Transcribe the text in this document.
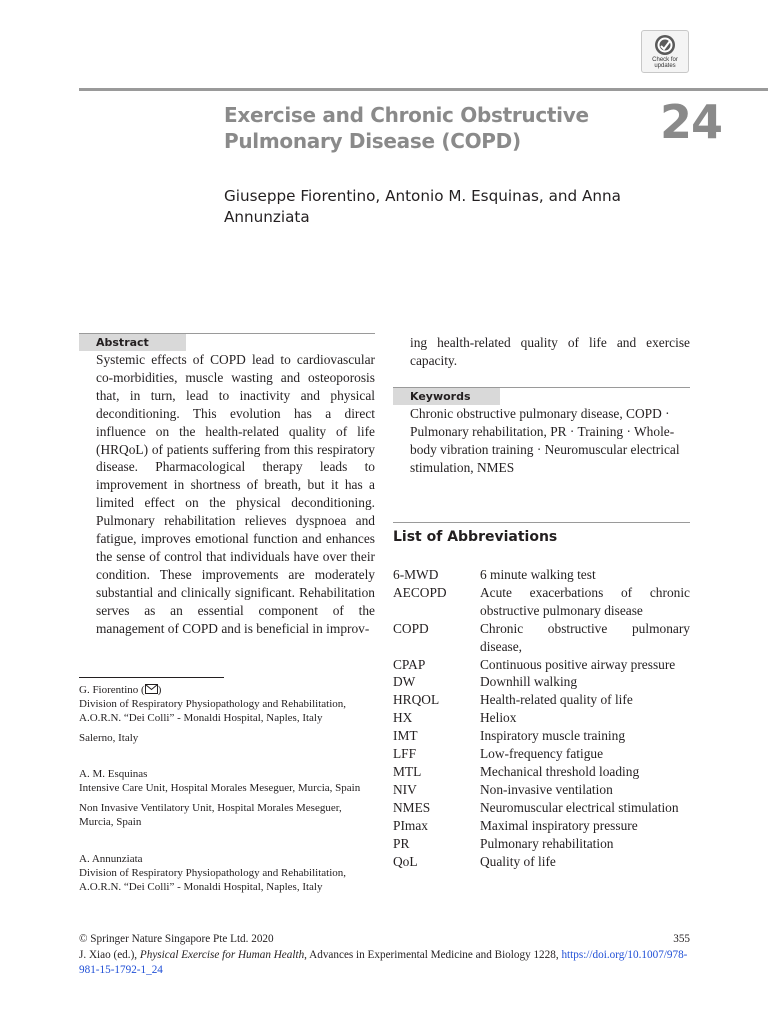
Check for updates
Exercise and Chronic Obstructive Pulmonary Disease (COPD)	24
Giuseppe Fiorentino, Antonio M. Esquinas, and Anna Annunziata
Abstract

Systemic effects of COPD lead to cardiovascular co-morbidities, muscle wasting and osteoporosis that, in turn, lead to inactivity and physical deconditioning. This evolution has a direct influence on the health-related quality of life (HRQoL) of patients suffering from this respiratory disease. Pharmacological therapy leads to improvement in shortness of breath, but it has a limited effect on the physical deconditioning. Pulmonary rehabilitation relieves dyspnoea and fatigue, improves emotional function and enhances the sense of control that individuals have over their condition. These improvements are moderately substantial and clinically significant. Rehabilitation serves as an essential component of the management of COPD and is beneficial in improv-

G. Fiorentino ( )

Division of Respiratory Physiopathology and Rehabilitation, A.O.R.N. “Dei Colli” - Monaldi Hospital, Naples, Italy

Salerno, Italy

A. M. Esquinas

Intensive Care Unit, Hospital Morales Meseguer, Murcia, Spain

Non Invasive Ventilatory Unit, Hospital Morales Meseguer, Murcia, Spain

A. Annunziata

Division of Respiratory Physiopathology and Rehabilitation, A.O.R.N. “Dei Colli” - Monaldi Hospital, Naples, Italy

ing health-related quality of life and exercise capacity.

Keywords

Chronic obstructive pulmonary disease, COPD · Pulmonary rehabilitation, PR · Training · Whole-body vibration training · Neuromuscular electrical stimulation, NMES

List of Abbreviations
6-MWD	6 minute walking test
AECOPD	Acute exacerbations of chronic obstructive pulmonary disease
COPD	Chronic obstructive pulmonary disease,
CPAP	Continuous positive airway pressure
DW	Downhill walking
HRQOL	Health-related quality of life
HX	Heliox
IMT	Inspiratory muscle training
LFF	Low-frequency fatigue
MTL	Mechanical threshold loading
NIV	Non-invasive ventilation
NMES	Neuromuscular electrical stimulation
PImax	Maximal inspiratory pressure
PR	Pulmonary rehabilitation
QoL	Quality of life

© Springer Nature Singapore Pte Ltd. 2020

J. Xiao (ed.), Physical Exercise for Human Health, Advances in Experimental Medicine and Biology 1228, https://doi.org/10.1007/978-981-15-1792-1_24

355
